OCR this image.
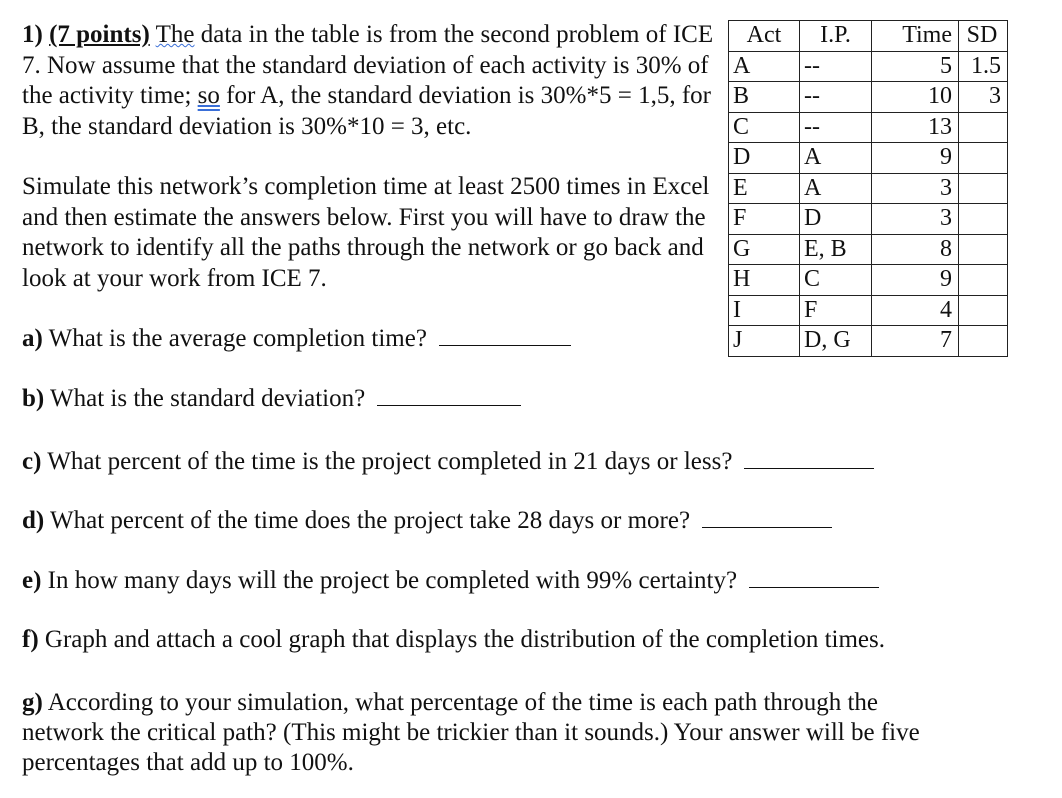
1) (7 points) The data in the table is from the second problem of ICE 7. Now assume that the standard deviation of each activity is 30% of the activity time; so for A, the standard deviation is 30%*5 = 1,5, for B, the standard deviation is 30%*10 = 3, etc.

Simulate this network’s completion time at least 2500 times in Excel and then estimate the answers below. First you will have to draw the network to identify all the paths through the network or go back and look at your work from ICE 7.

a) What is the average completion time?
b) What is the standard deviation?
c) What percent of the time is the project completed in 21 days or less?
d) What percent of the time does the project take 28 days or more?
e) In how many days will the project be completed with 99% certainty?
f) Graph and attach a cool graph that displays the distribution of the completion times.
g) According to your simulation, what percentage of the time is each path through the network the critical path? (This might be trickier than it sounds.) Your answer will be five percentages that add up to 100%.
Act	I.P.	Time	SD
A	--	5	1.5
B	--	10	3
C	--	13	
D	A	9	
E	A	3	
F	D	3	
G	E, B	8	
H	C	9	
I	F	4	
J	D, G	7	
